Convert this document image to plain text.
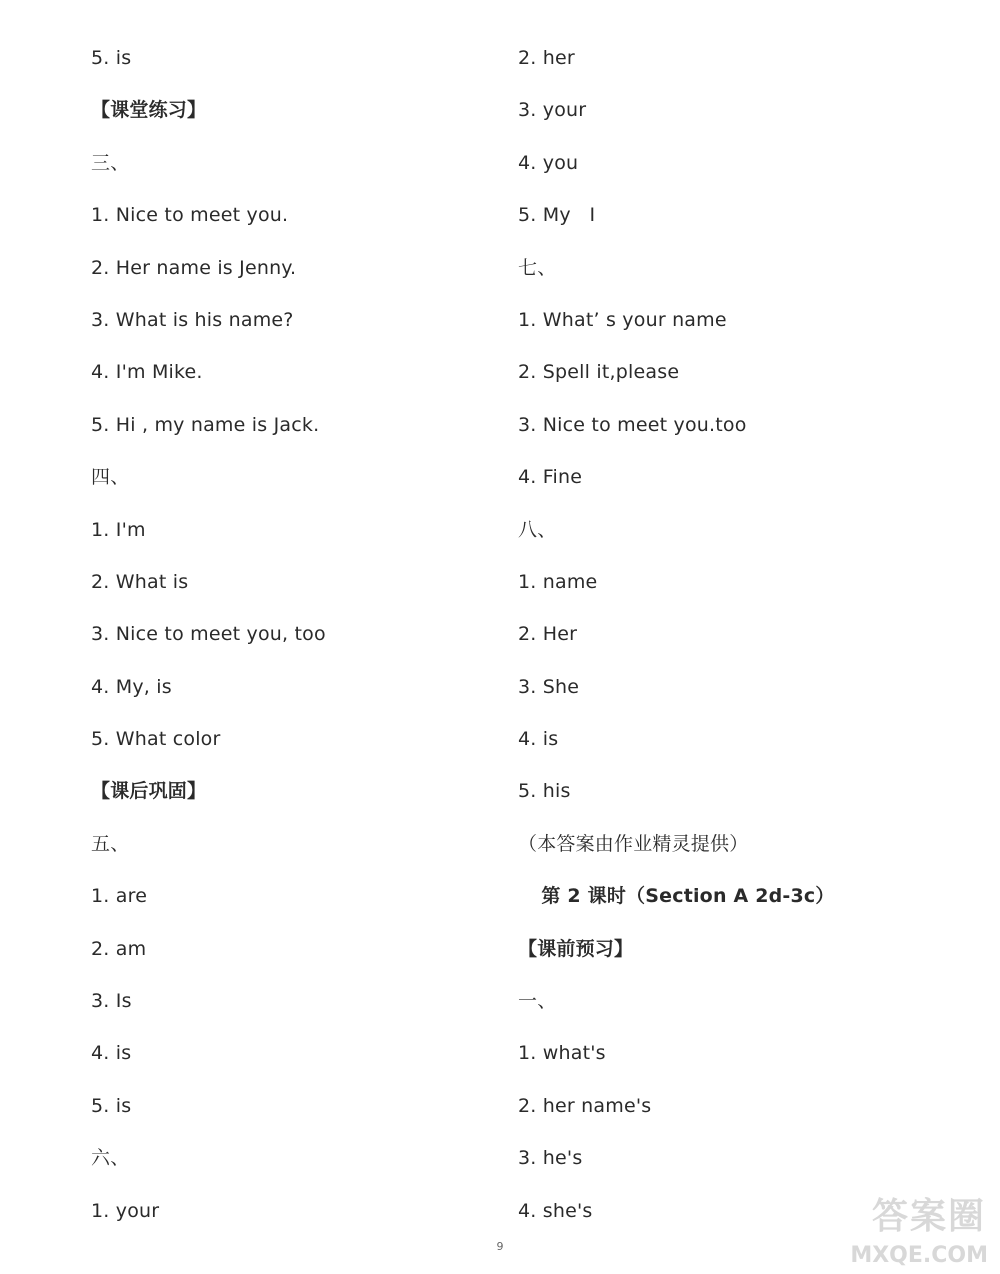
5. is
【课堂练习】
三、
1. Nice to meet you.
2. Her name is Jenny.
3. What is his name?
4. I'm Mike.
5. Hi , my name is Jack.
四、
1. I'm
2. What is
3. Nice to meet you, too
4. My, is
5. What color
【课后巩固】
五、
1. are
2. am
3. Is
4. is
5. is
六、
1. your
2. her
3. your
4. you
5. My   I
七、
1. What’ s your name
2. Spell it,please
3. Nice to meet you.too
4. Fine
八、
1. name
2. Her
3. She
4. is
5. his
（本答案由作业精灵提供）
第 2 课时（Section A 2d-3c）
【课前预习】
一、
1. what's
2. her name's
3. he's
4. she's
9
答案圈
MXQE.COM
